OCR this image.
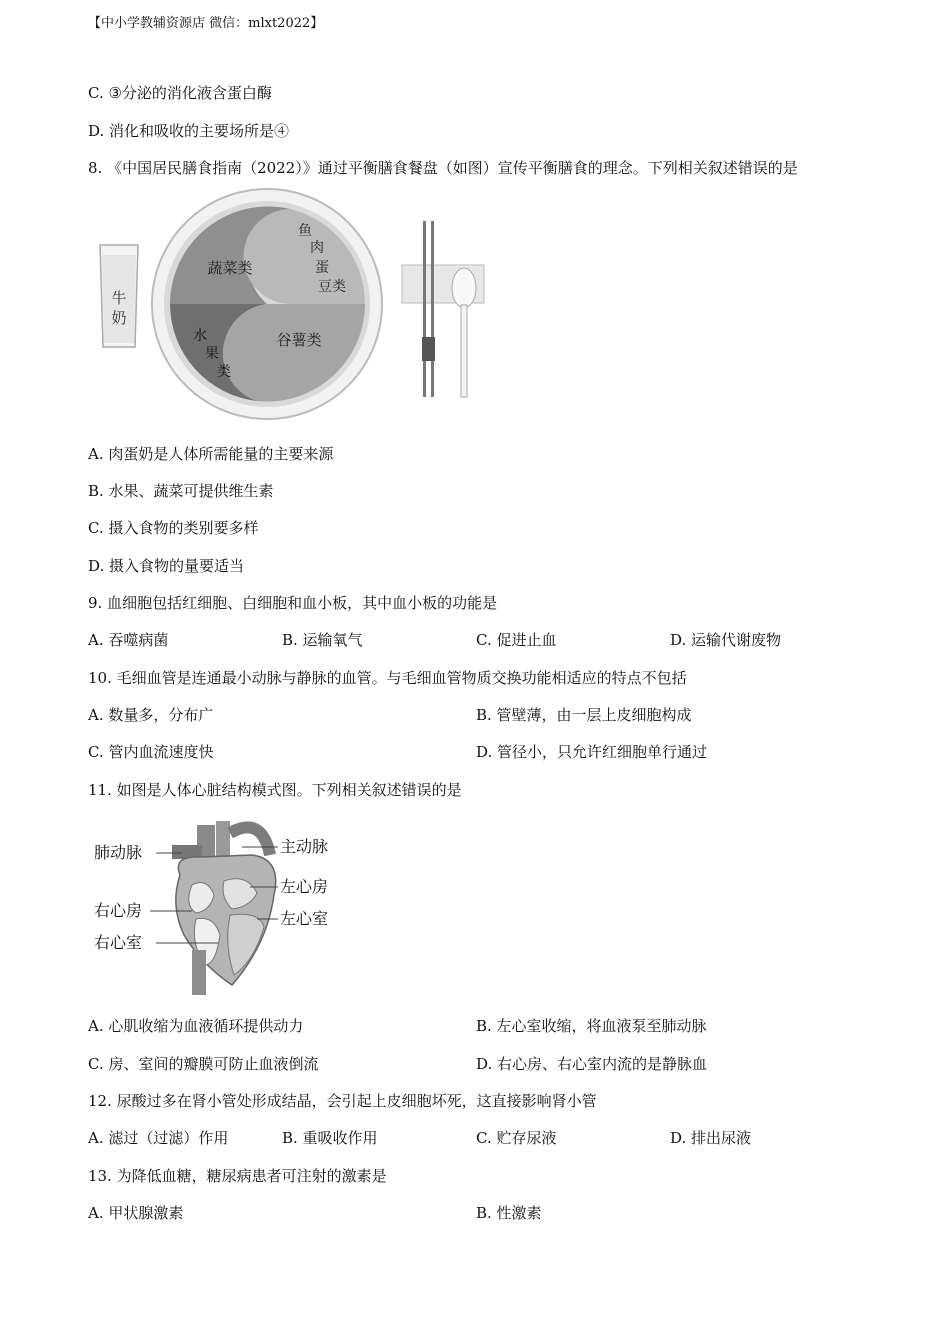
【中小学教辅资源店 微信：mlxt2022】
C. ③分泌的消化液含蛋白酶
D. 消化和吸收的主要场所是④
8. 《中国居民膳食指南（2022）》通过平衡膳食餐盘（如图）宣传平衡膳食的理念。下列相关叙述错误的是
牛
奶
蔬菜类
鱼
肉
蛋
豆类
水
果
类
谷薯类
A. 肉蛋奶是人体所需能量的主要来源
B. 水果、蔬菜可提供维生素
C. 摄入食物的类别要多样
D. 摄入食物的量要适当
9. 血细胞包括红细胞、白细胞和血小板，其中血小板的功能是
A. 吞噬病菌	B. 运输氧气	C. 促进止血	D. 运输代谢废物
10. 毛细血管是连通最小动脉与静脉的血管。与毛细血管物质交换功能相适应的特点不包括
A. 数量多，分布广	B. 管壁薄，由一层上皮细胞构成
C. 管内血流速度快	D. 管径小，只允许红细胞单行通过
11. 如图是人体心脏结构模式图。下列相关叙述错误的是
肺动脉	主动脉
左心房
右心房	左心室
右心室
A. 心肌收缩为血液循环提供动力	B. 左心室收缩，将血液泵至肺动脉
C. 房、室间的瓣膜可防止血液倒流	D. 右心房、右心室内流的是静脉血
12. 尿酸过多在肾小管处形成结晶，会引起上皮细胞坏死，这直接影响肾小管
A. 滤过（过滤）作用	B. 重吸收作用	C. 贮存尿液	D. 排出尿液
13. 为降低血糖，糖尿病患者可注射的激素是
A. 甲状腺激素	B. 性激素
